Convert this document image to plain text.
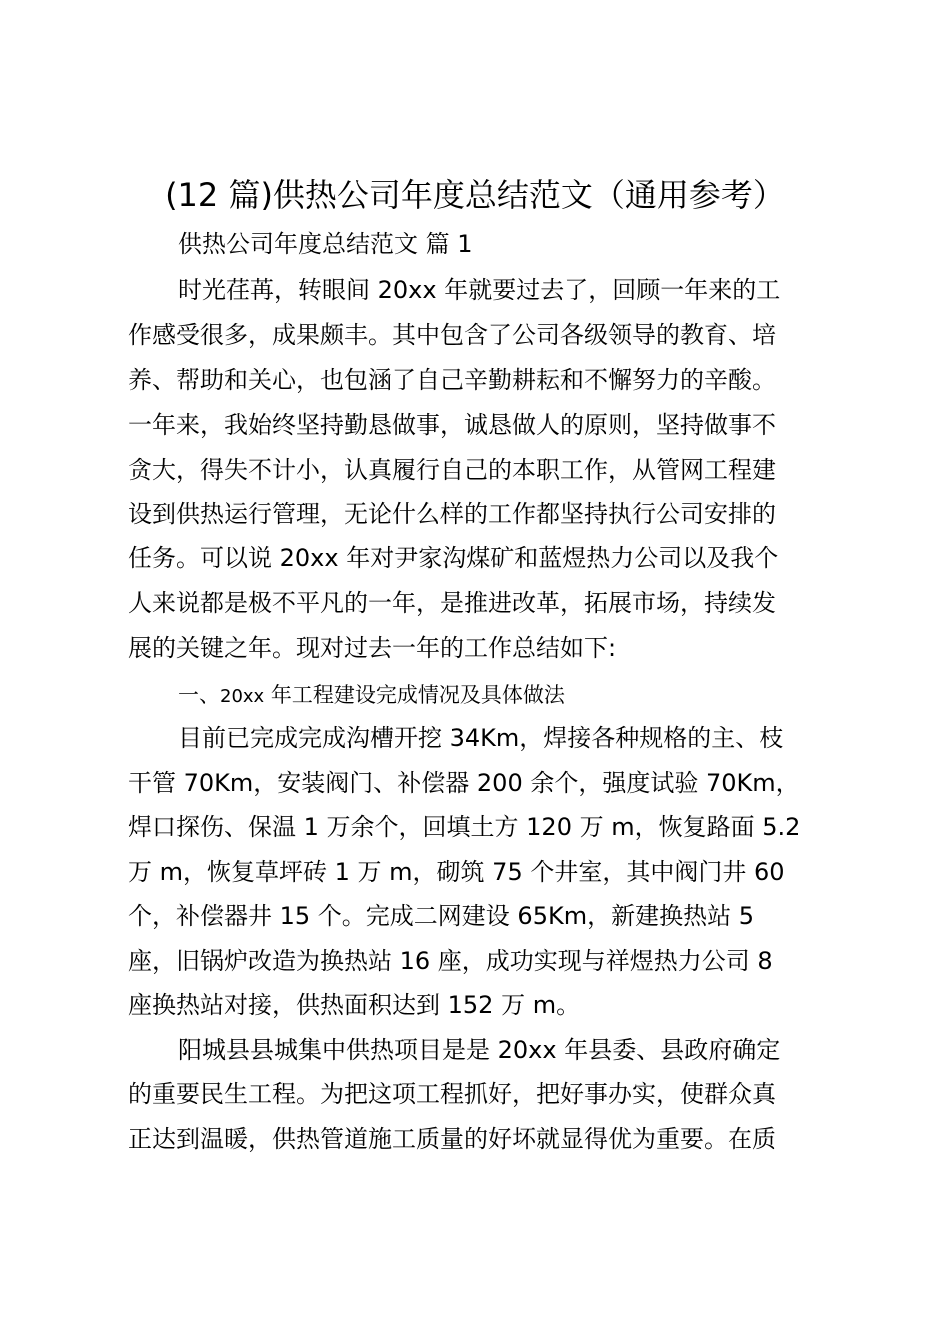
(12 篇)供热公司年度总结范文（通用参考）
供热公司年度总结范文 篇 1
时光荏苒，转眼间 20xx 年就要过去了，回顾一年来的工
作感受很多，成果颇丰。其中包含了公司各级领导的教育、培
养、帮助和关心，也包涵了自己辛勤耕耘和不懈努力的辛酸。
一年来，我始终坚持勤恳做事，诚恳做人的原则，坚持做事不
贪大，得失不计小，认真履行自己的本职工作，从管网工程建
设到供热运行管理，无论什么样的工作都坚持执行公司安排的
任务。可以说 20xx 年对尹家沟煤矿和蓝煜热力公司以及我个
人来说都是极不平凡的一年，是推进改革，拓展市场，持续发
展的关键之年。现对过去一年的工作总结如下:
一、20xx 年工程建设完成情况及具体做法
目前已完成完成沟槽开挖 34Km，焊接各种规格的主、枝
干管 70Km，安装阀门、补偿器 200 余个，强度试验 70Km，
焊口探伤、保温 1 万余个，回填土方 120 万 m，恢复路面 5.2
万 m，恢复草坪砖 1 万 m，砌筑 75 个井室，其中阀门井 60
个，补偿器井 15 个。完成二网建设 65Km，新建换热站 5
座，旧锅炉改造为换热站 16 座，成功实现与祥煜热力公司 8
座换热站对接，供热面积达到 152 万 m。
阳城县县城集中供热项目是是 20xx 年县委、县政府确定
的重要民生工程。为把这项工程抓好，把好事办实，使群众真
正达到温暖，供热管道施工质量的好坏就显得优为重要。在质
